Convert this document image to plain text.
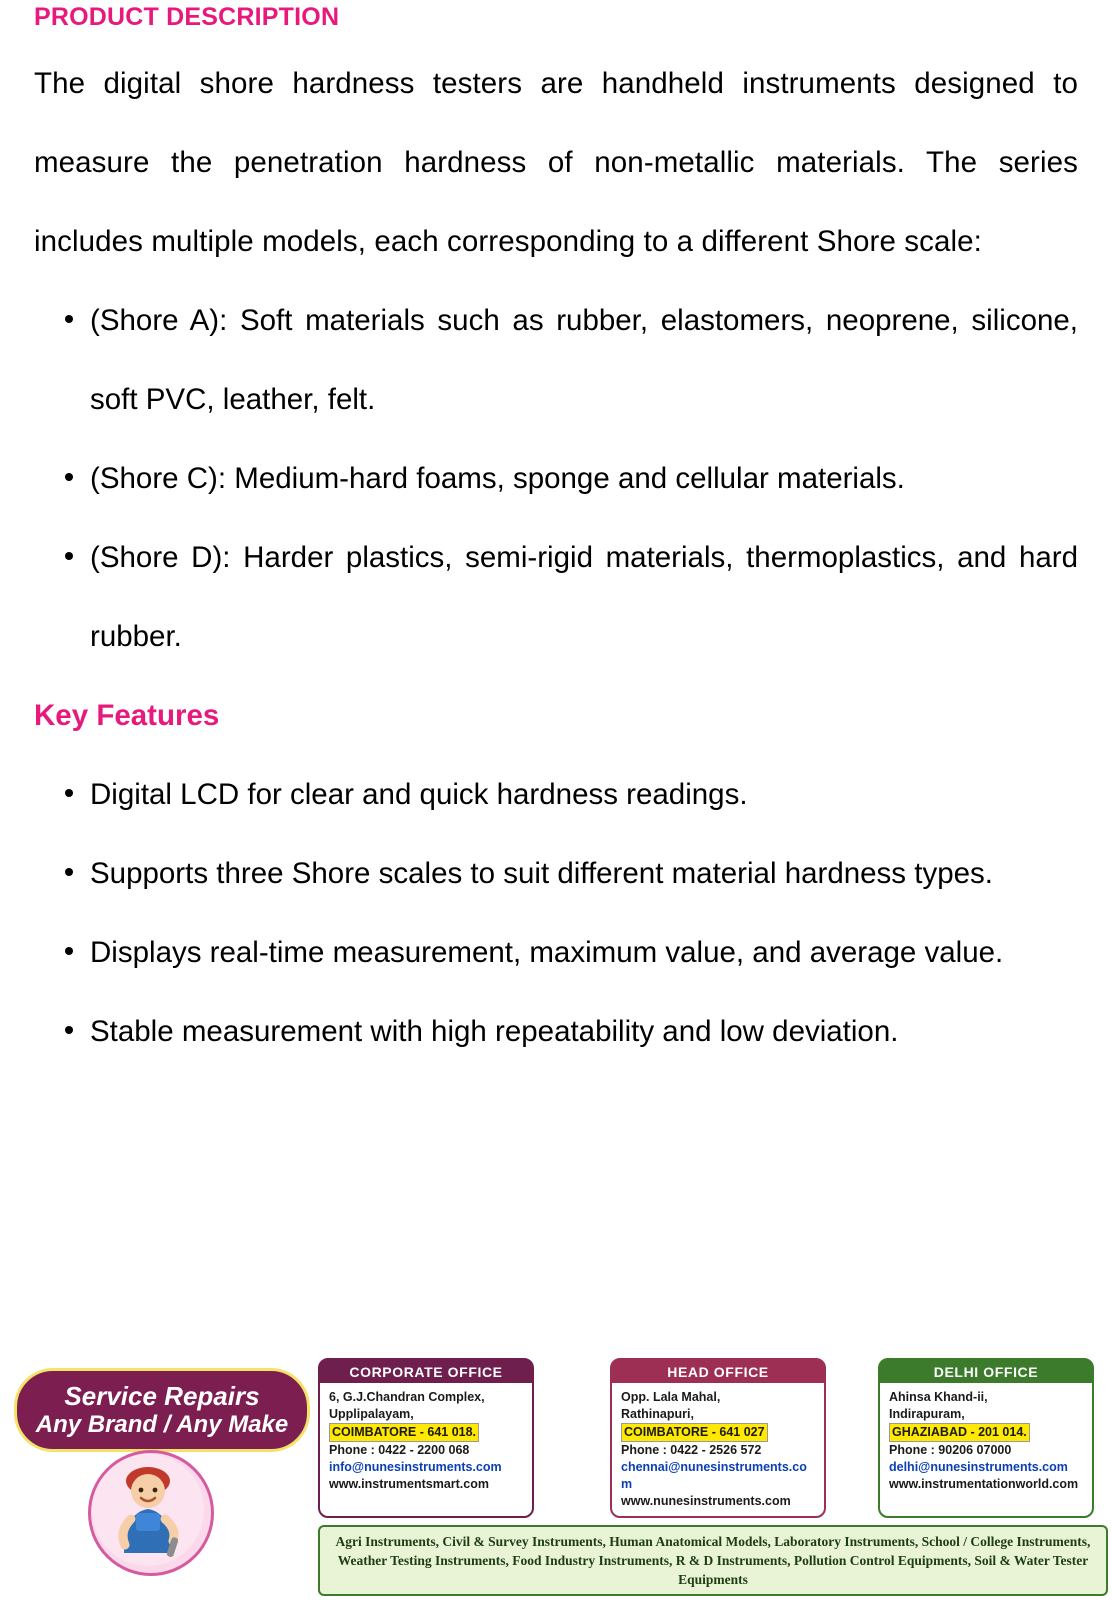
PRODUCT DESCRIPTION

The digital shore hardness testers are handheld instruments designed to measure the penetration hardness of non-metallic materials. The series includes multiple models, each corresponding to a different Shore scale:

(Shore A): Soft materials such as rubber, elastomers, neoprene, silicone, soft PVC, leather, felt.
(Shore C): Medium-hard foams, sponge and cellular materials.
(Shore D): Harder plastics, semi-rigid materials, thermoplastics, and hard rubber.
Key Features
Digital LCD for clear and quick hardness readings.
Supports three Shore scales to suit different material hardness types.
Displays real-time measurement, maximum value, and average value.
Stable measurement with high repeatability and low deviation.
Service Repairs
Any Brand / Any Make
CORPORATE OFFICE
6, G.J.Chandran Complex,
Upplipalayam,
COIMBATORE - 641 018.
Phone : 0422 - 2200 068
info@nunesinstruments.com
www.instrumentsmart.com
HEAD OFFICE
Opp. Lala Mahal,
Rathinapuri,
COIMBATORE - 641 027
Phone : 0422 - 2526 572
chennai@nunesinstruments.com
www.nunesinstruments.com
DELHI OFFICE
Ahinsa Khand-ii,
Indirapuram,
GHAZIABAD - 201 014.
Phone : 90206 07000
delhi@nunesinstruments.com
www.instrumentationworld.com
Agri Instruments, Civil & Survey Instruments, Human Anatomical Models, Laboratory Instruments, School / College Instruments,
Weather Testing Instruments, Food Industry Instruments, R & D Instruments, Pollution Control Equipments, Soil & Water Tester Equipments
